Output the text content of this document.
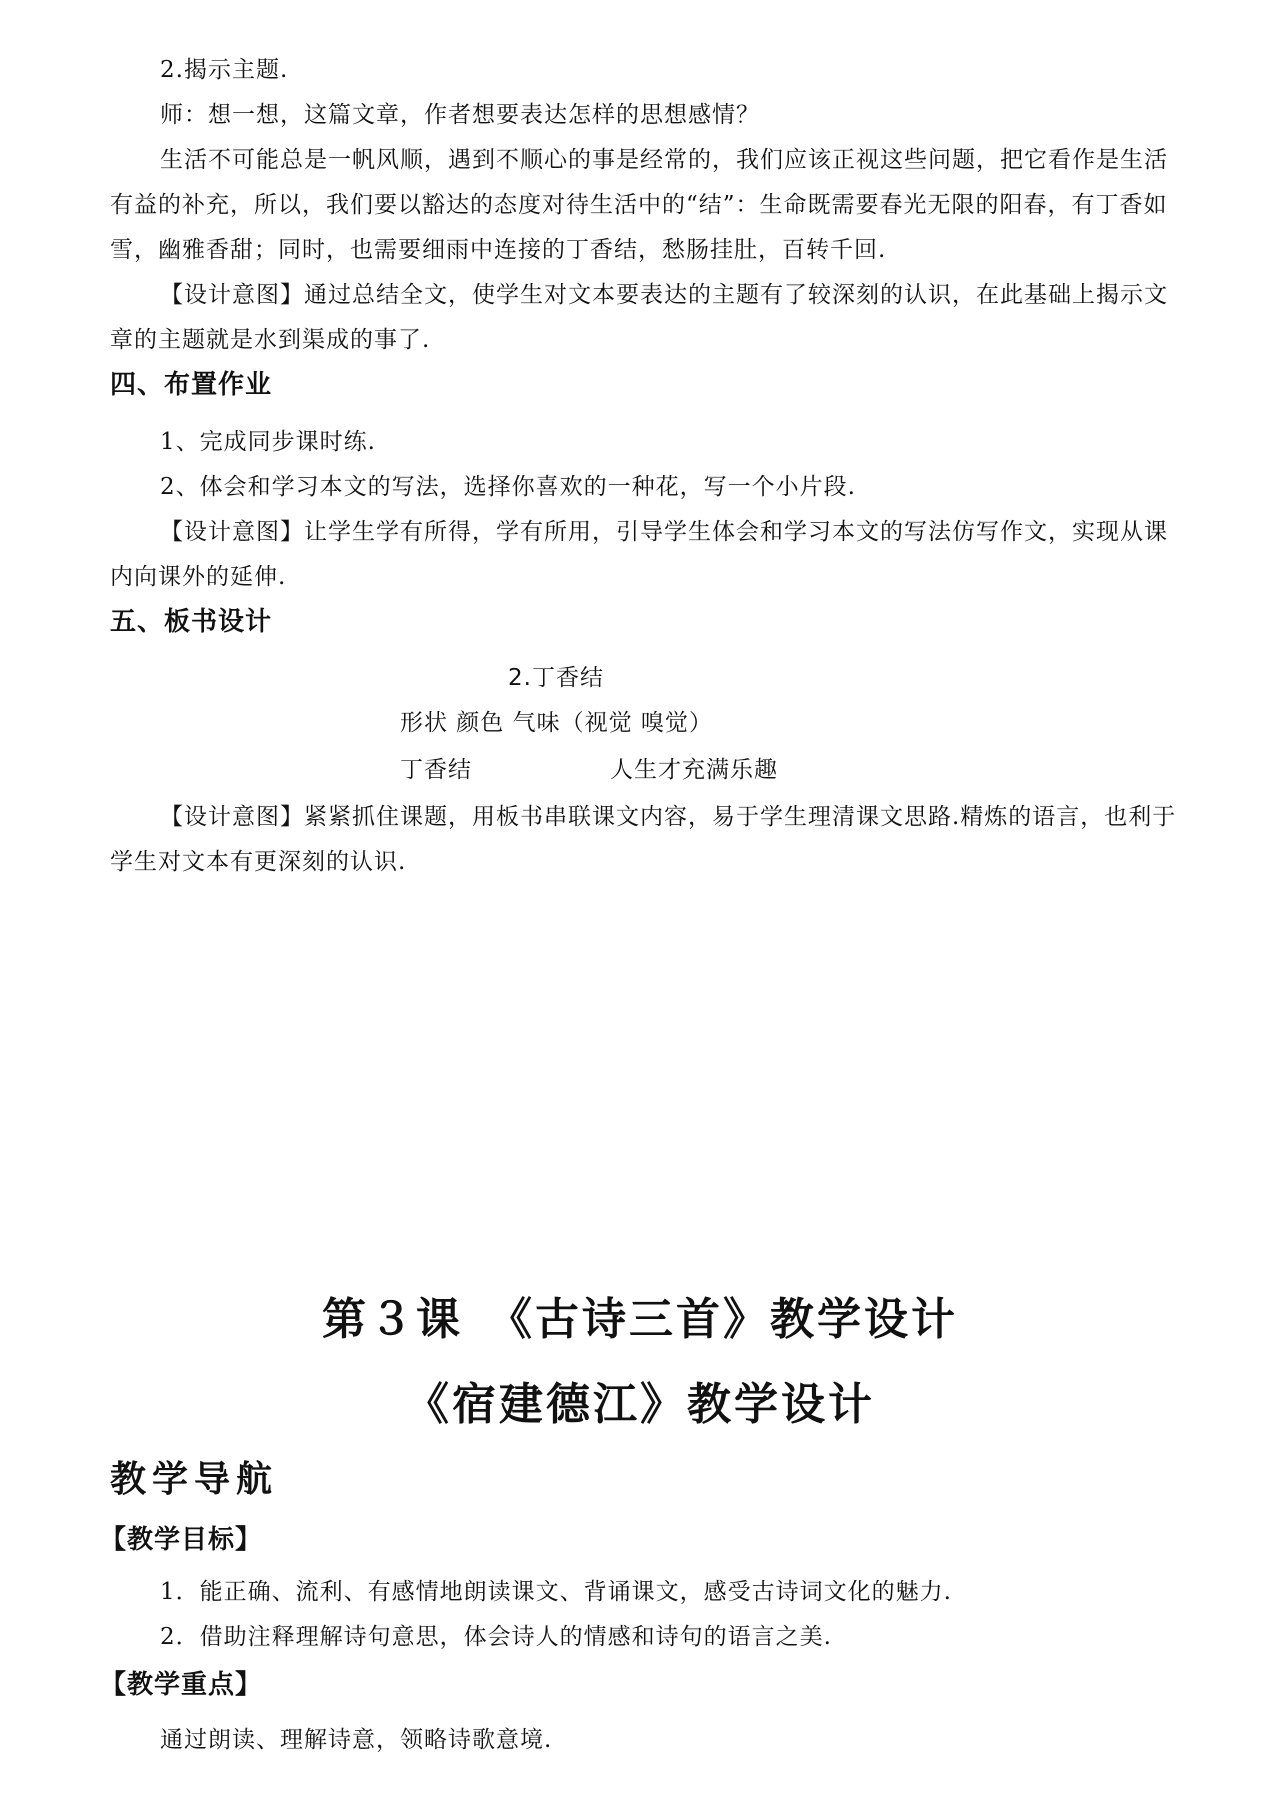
2.揭示主题.

师：想一想，这篇文章，作者想要表达怎样的思想感情？

生活不可能总是一帆风顺，遇到不顺心的事是经常的，我们应该正视这些问题，把它看作是生活有益的补充，所以，我们要以豁达的态度对待生活中的“结”：生命既需要春光无限的阳春，有丁香如雪，幽雅香甜；同时，也需要细雨中连接的丁香结，愁肠挂肚，百转千回.

【设计意图】通过总结全文，使学生对文本要表达的主题有了较深刻的认识，在此基础上揭示文章的主题就是水到渠成的事了.

四、布置作业

1、完成同步课时练.

2、体会和学习本文的写法，选择你喜欢的一种花，写一个小片段.

【设计意图】让学生学有所得，学有所用，引导学生体会和学习本文的写法仿写作文，实现从课内向课外的延伸.

五、板书设计

2.丁香结

形状 颜色 气味（视觉 嗅觉）

丁香结	人生才充满乐趣

【设计意图】紧紧抓住课题，用板书串联课文内容，易于学生理清课文思路.精炼的语言，也利于学生对文本有更深刻的认识.

第３课　《古诗三首》教学设计
《宿建德江》教学设计
教学导航
【教学目标】

1．能正确、流利、有感情地朗读课文、背诵课文，感受古诗词文化的魅力.

2．借助注释理解诗句意思，体会诗人的情感和诗句的语言之美.

【教学重点】

通过朗读、理解诗意，领略诗歌意境.
